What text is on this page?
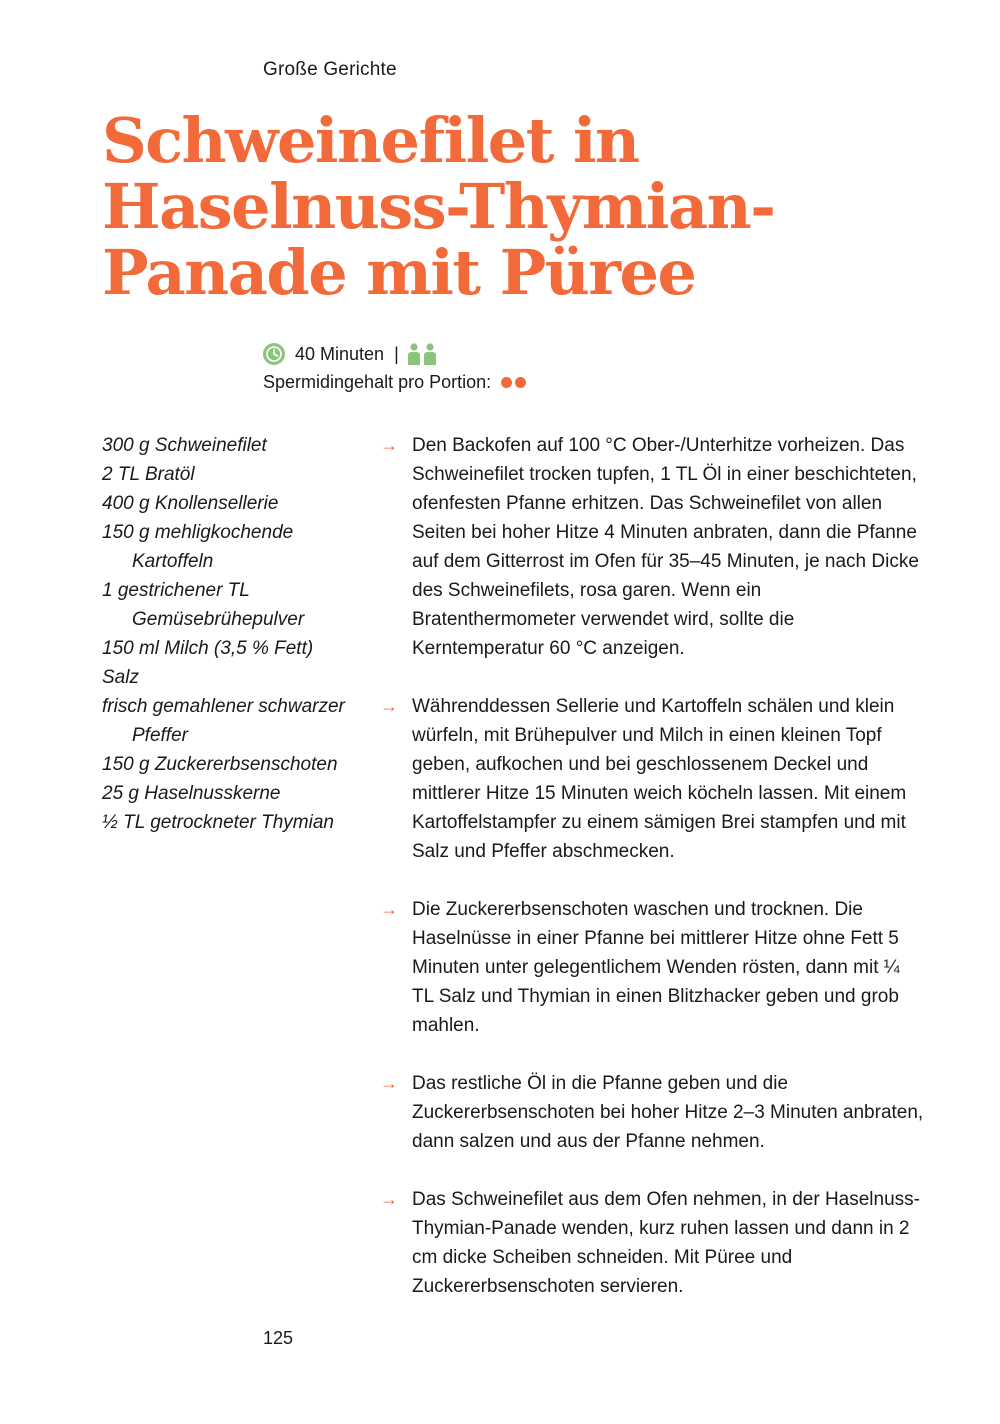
Große Gerichte
Schweinefilet in
Haselnuss-Thymian-
Panade mit Püree
40 Minuten |
Spermidingehalt pro Portion:
300 g Schweinefilet
2 TL Bratöl
400 g Knollensellerie
150 g mehligkochende Kartoffeln
1 gestrichener TL Gemüsebrühepulver
150 ml Milch (3,5 % Fett)
Salz
frisch gemahlener schwarzer Pfeffer
150 g Zuckererbsenschoten
25 g Haselnusskerne
½ TL getrockneter Thymian
→ Den Backofen auf 100 °C Ober-/Unterhitze vorheizen. Das Schweinefilet trocken tupfen, 1 TL Öl in einer beschichteten, ofenfesten Pfanne erhitzen. Das Schweinefilet von allen Seiten bei hoher Hitze 4 Minuten anbraten, dann die Pfanne auf dem Gitterrost im Ofen für 35–45 Minuten, je nach Dicke des Schweinefilets, rosa garen. Wenn ein Bratenthermometer verwendet wird, sollte die Kerntemperatur 60 °C anzeigen.
→ Währenddessen Sellerie und Kartoffeln schälen und klein würfeln, mit Brühepulver und Milch in einen kleinen Topf geben, aufkochen und bei geschlossenem Deckel und mittlerer Hitze 15 Minuten weich köcheln lassen. Mit einem Kartoffelstampfer zu einem sämigen Brei stampfen und mit Salz und Pfeffer abschmecken.
→ Die Zuckererbsenschoten waschen und trocknen. Die Haselnüsse in einer Pfanne bei mittlerer Hitze ohne Fett 5 Minuten unter gelegentlichem Wenden rösten, dann mit ¼ TL Salz und Thymian in einen Blitzhacker geben und grob mahlen.
→ Das restliche Öl in die Pfanne geben und die Zuckererbsenschoten bei hoher Hitze 2–3 Minuten anbraten, dann salzen und aus der Pfanne nehmen.
→ Das Schweinefilet aus dem Ofen nehmen, in der Haselnuss-Thymian-Panade wenden, kurz ruhen lassen und dann in 2 cm dicke Scheiben schneiden. Mit Püree und Zuckererbsenschoten servieren.
125
